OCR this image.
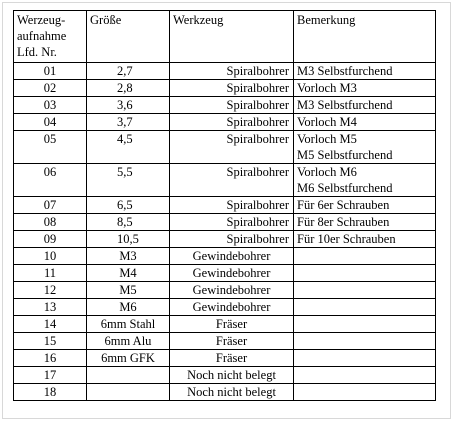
Werzeug-
aufnahme
Lfd. Nr.	Größe	Werkzeug	Bemerkung
01	2,7	Spiralbohrer	M3 Selbstfurchend

02	2,8	Spiralbohrer	Vorloch M3

03	3,6	Spiralbohrer	M3 Selbstfurchend

04	3,7	Spiralbohrer	Vorloch M4

05	4,5	Spiralbohrer	Vorloch M5
M5 Selbstfurchend

06	5,5	Spiralbohrer	Vorloch M6
M6 Selbstfurchend

07	6,5	Spiralbohrer	Für 6er Schrauben

08	8,5	Spiralbohrer	Für 8er Schrauben

09	10,5	Spiralbohrer	Für 10er Schrauben

10	M3	Gewindebohrer	
11	M4	Gewindebohrer	
12	M5	Gewindebohrer	
13	M6	Gewindebohrer	
14	6mm Stahl	Fräser	
15	6mm Alu	Fräser	
16	6mm GFK	Fräser	
17		Noch nicht belegt	
18		Noch nicht belegt	
